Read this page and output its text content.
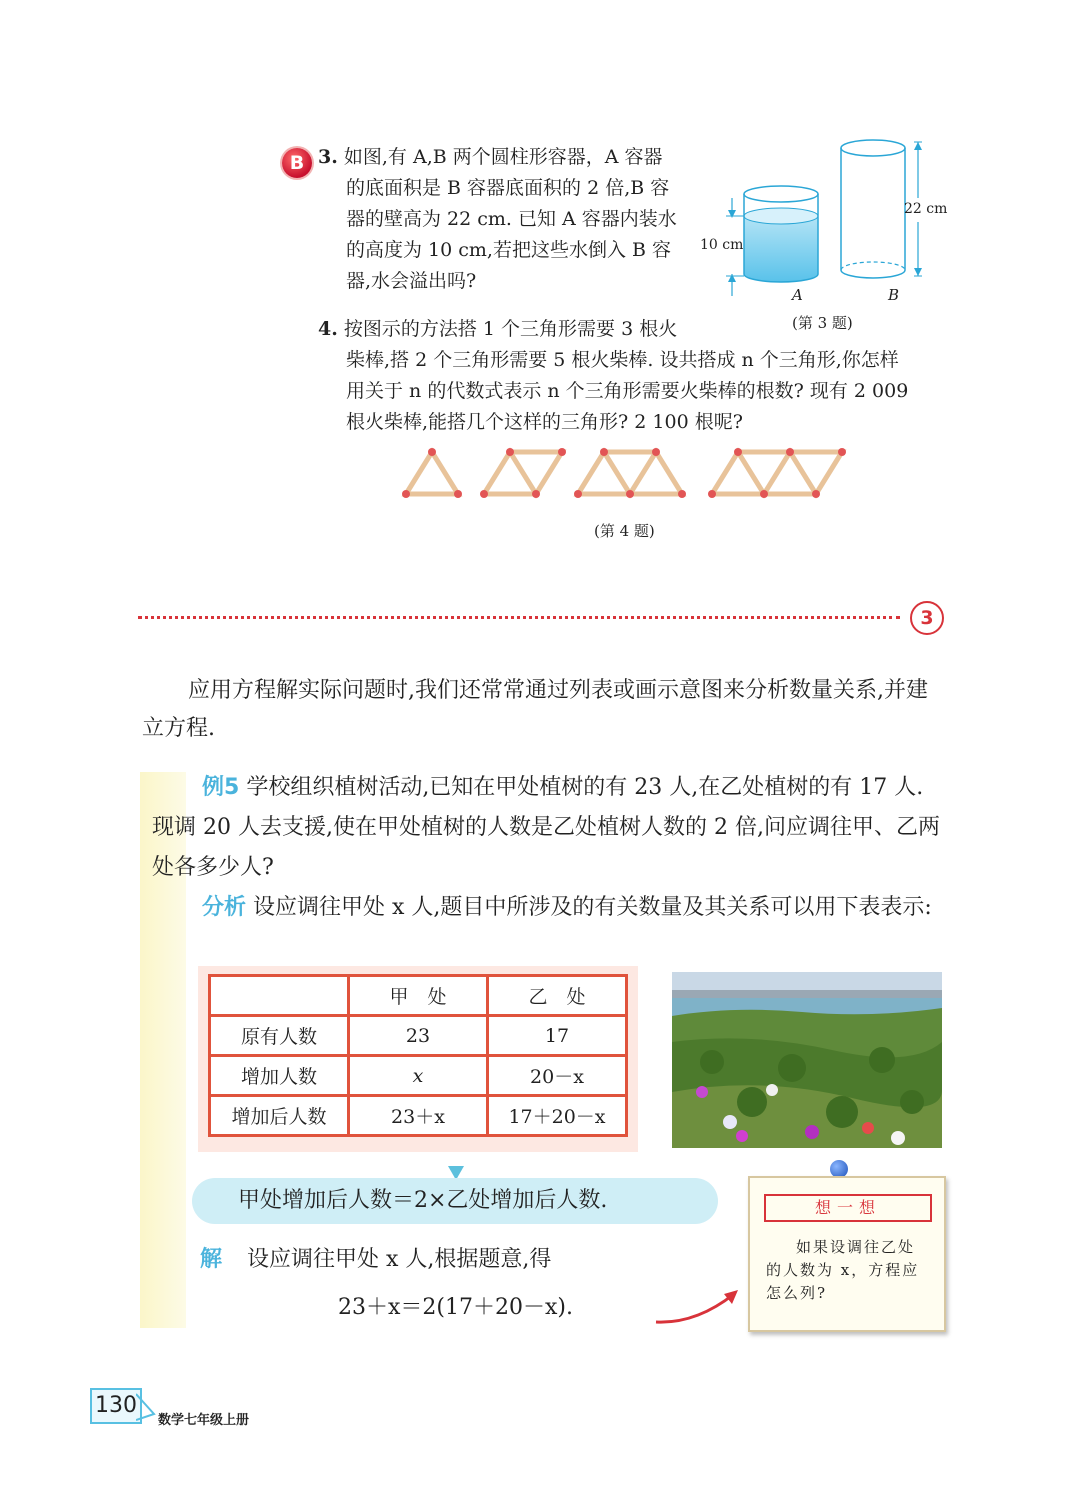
B 3. 如图,有 A,B 两个圆柱形容器，A 容器

的底面积是 B 容器底面积的 2 倍,B 容

器的壁高为 22 cm. 已知 A 容器内装水

的高度为 10 cm,若把这些水倒入 B 容

器,水会溢出吗?

10 cm
22 cm
A	B
(第 3 题)

4. 按图示的方法搭 1 个三角形需要 3 根火

柴棒,搭 2 个三角形需要 5 根火柴棒. 设共搭成 n 个三角形,你怎样

用关于 n 的代数式表示 n 个三角形需要火柴棒的根数? 现有 2 009

根火柴棒,能搭几个这样的三角形? 2 100 根呢?

(第 4 题)
3

应用方程解实际问题时,我们还常常通过列表或画示意图来分析数量关系,并建立方程.

例5 学校组织植树活动,已知在甲处植树的有 23 人,在乙处植树的有 17 人. 现调 20 人去支援,使在甲处植树的人数是乙处植树人数的 2 倍,问应调往甲、乙两处各多少人?
分析 设应调往甲处 x 人,题目中所涉及的有关数量及其关系可以用下表表示:
	甲　处	乙　处
原有人数	23	17
增加人数	x	20－x
增加后人数	23＋x	17＋20－x
甲处增加后人数＝2×乙处增加后人数.
解 设应调往甲处 x 人,根据题意,得
23＋x＝2(17＋20－x).
想一想
如果设调往乙处的人数为 x，方程应怎么列?
130
数学七年级上册
